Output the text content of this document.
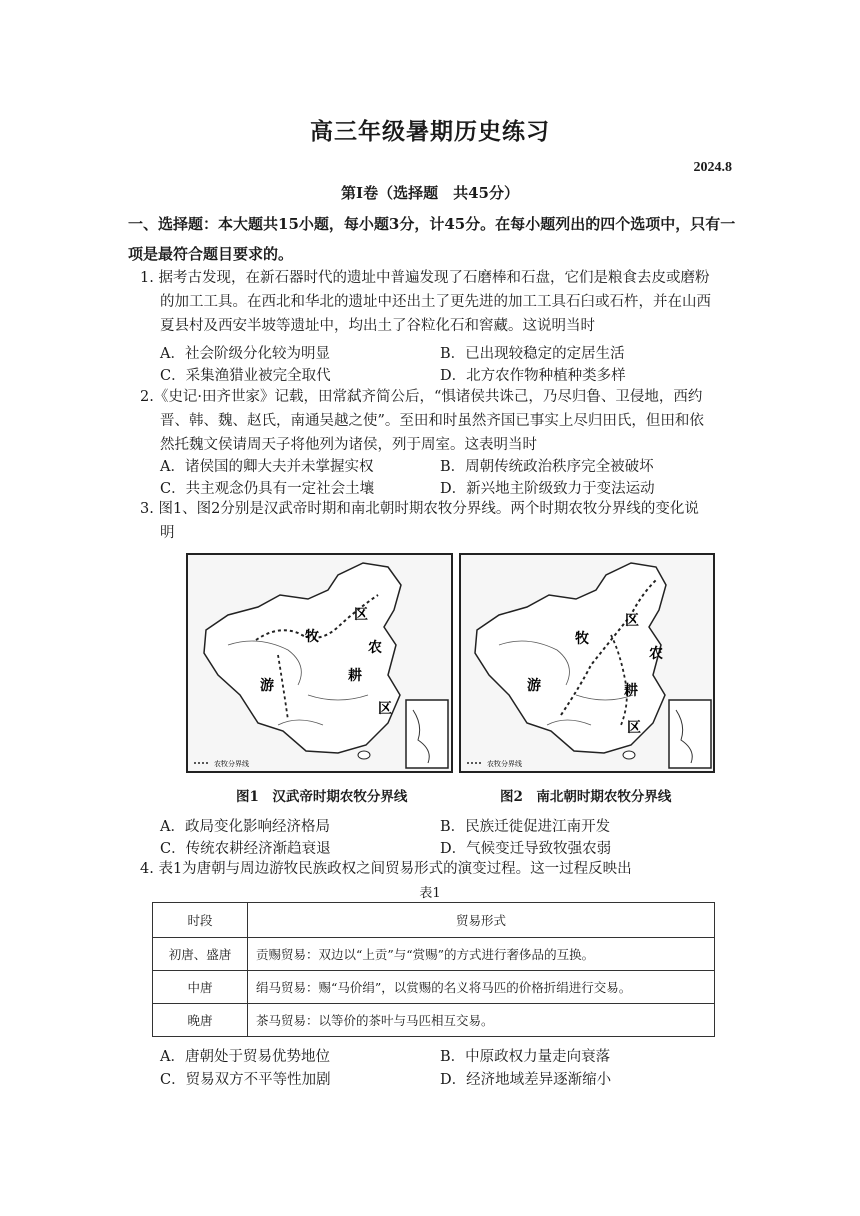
高三年级暑期历史练习
2024.8
第Ⅰ卷（选择题　共45分）
一、选择题：本大题共15小题，每小题3分，计45分。在每小题列出的四个选项中，只有一项是最符合题目要求的。
1. 据考古发现，在新石器时代的遗址中普遍发现了石磨棒和石盘，它们是粮食去皮或磨粉
的加工工具。在西北和华北的遗址中还出土了更先进的加工工具石臼或石杵，并在山西
夏县村及西安半坡等遗址中，均出土了谷粒化石和窖藏。这说明当时
A．社会阶级分化较为明显	B．已出现较稳定的定居生活
C．采集渔猎业被完全取代	D．北方农作物种植种类多样
2.《史记·田齐世家》记载，田常弑齐简公后，“惧诸侯共诛己，乃尽归鲁、卫侵地，西约
晋、韩、魏、赵氏，南通吴越之使”。至田和时虽然齐国已事实上尽归田氏，但田和依
然托魏文侯请周天子将他列为诸侯，列于周室。这表明当时
A．诸侯国的卿大夫并未掌握实权	B．周朝传统政治秩序完全被破坏
C．共主观念仍具有一定社会土壤	D．新兴地主阶级致力于变法运动
3. 图1、图2分别是汉武帝时期和南北朝时期农牧分界线。两个时期农牧分界线的变化说
明
农牧分界线
游
牧
区
农
耕
区
农牧分界线
游
牧
区
农
耕
区
图1　汉武帝时期农牧分界线	图2　南北朝时期农牧分界线
A．政局变化影响经济格局	B．民族迁徙促进江南开发
C．传统农耕经济渐趋衰退	D．气候变迁导致牧强农弱
4. 表1为唐朝与周边游牧民族政权之间贸易形式的演变过程。这一过程反映出
表1
时段	贸易形式
初唐、盛唐	贡赐贸易：双边以“上贡”与“赏赐”的方式进行奢侈品的互换。
中唐	绢马贸易：赐“马价绢”，以赏赐的名义将马匹的价格折绢进行交易。
晚唐	茶马贸易：以等价的茶叶与马匹相互交易。
A．唐朝处于贸易优势地位	B．中原政权力量走向衰落
C．贸易双方不平等性加剧	D．经济地域差异逐渐缩小
